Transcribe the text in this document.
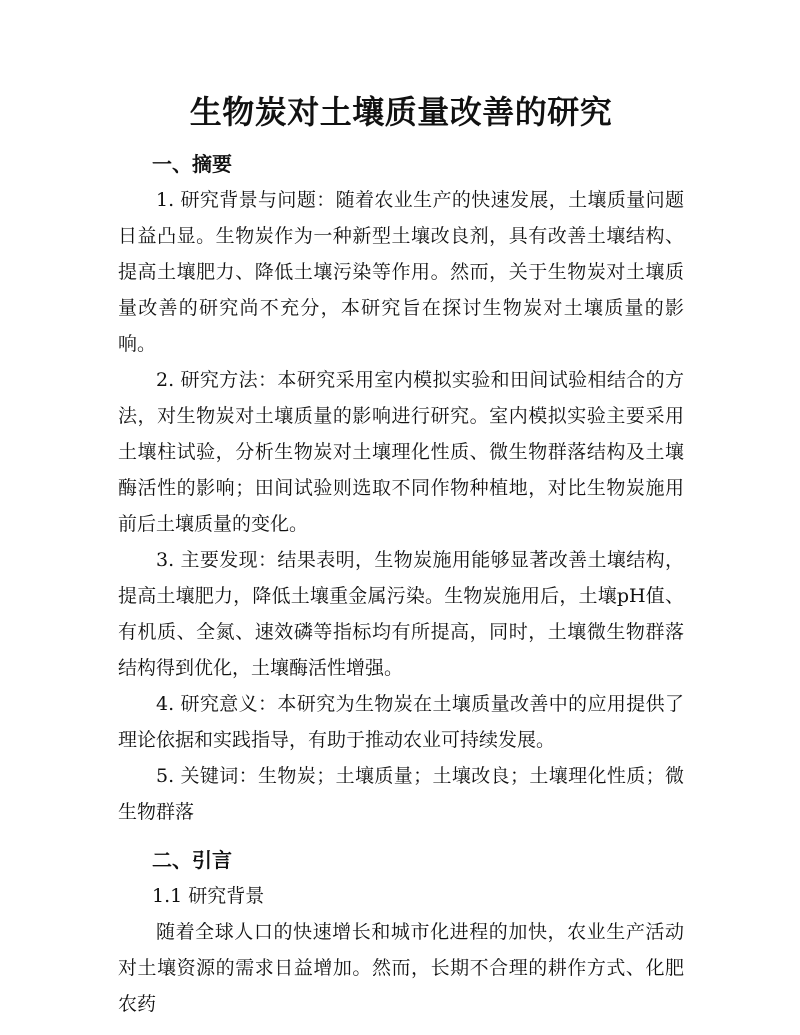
生物炭对土壤质量改善的研究
一、摘要

1. 研究背景与问题：随着农业生产的快速发展，土壤质量问题日益凸显。生物炭作为一种新型土壤改良剂，具有改善土壤结构、提高土壤肥力、降低土壤污染等作用。然而，关于生物炭对土壤质量改善的研究尚不充分，本研究旨在探讨生物炭对土壤质量的影响。

2. 研究方法：本研究采用室内模拟实验和田间试验相结合的方法，对生物炭对土壤质量的影响进行研究。室内模拟实验主要采用土壤柱试验，分析生物炭对土壤理化性质、微生物群落结构及土壤酶活性的影响；田间试验则选取不同作物种植地，对比生物炭施用前后土壤质量的变化。

3. 主要发现：结果表明，生物炭施用能够显著改善土壤结构，提高土壤肥力，降低土壤重金属污染。生物炭施用后，土壤pH值、有机质、全氮、速效磷等指标均有所提高，同时，土壤微生物群落结构得到优化，土壤酶活性增强。

4. 研究意义：本研究为生物炭在土壤质量改善中的应用提供了理论依据和实践指导，有助于推动农业可持续发展。

5. 关键词：生物炭；土壤质量；土壤改良；土壤理化性质；微生物群落

二、引言

1.1 研究背景

随着全球人口的快速增长和城市化进程的加快，农业生产活动对土壤资源的需求日益增加。然而，长期不合理的耕作方式、化肥农药
